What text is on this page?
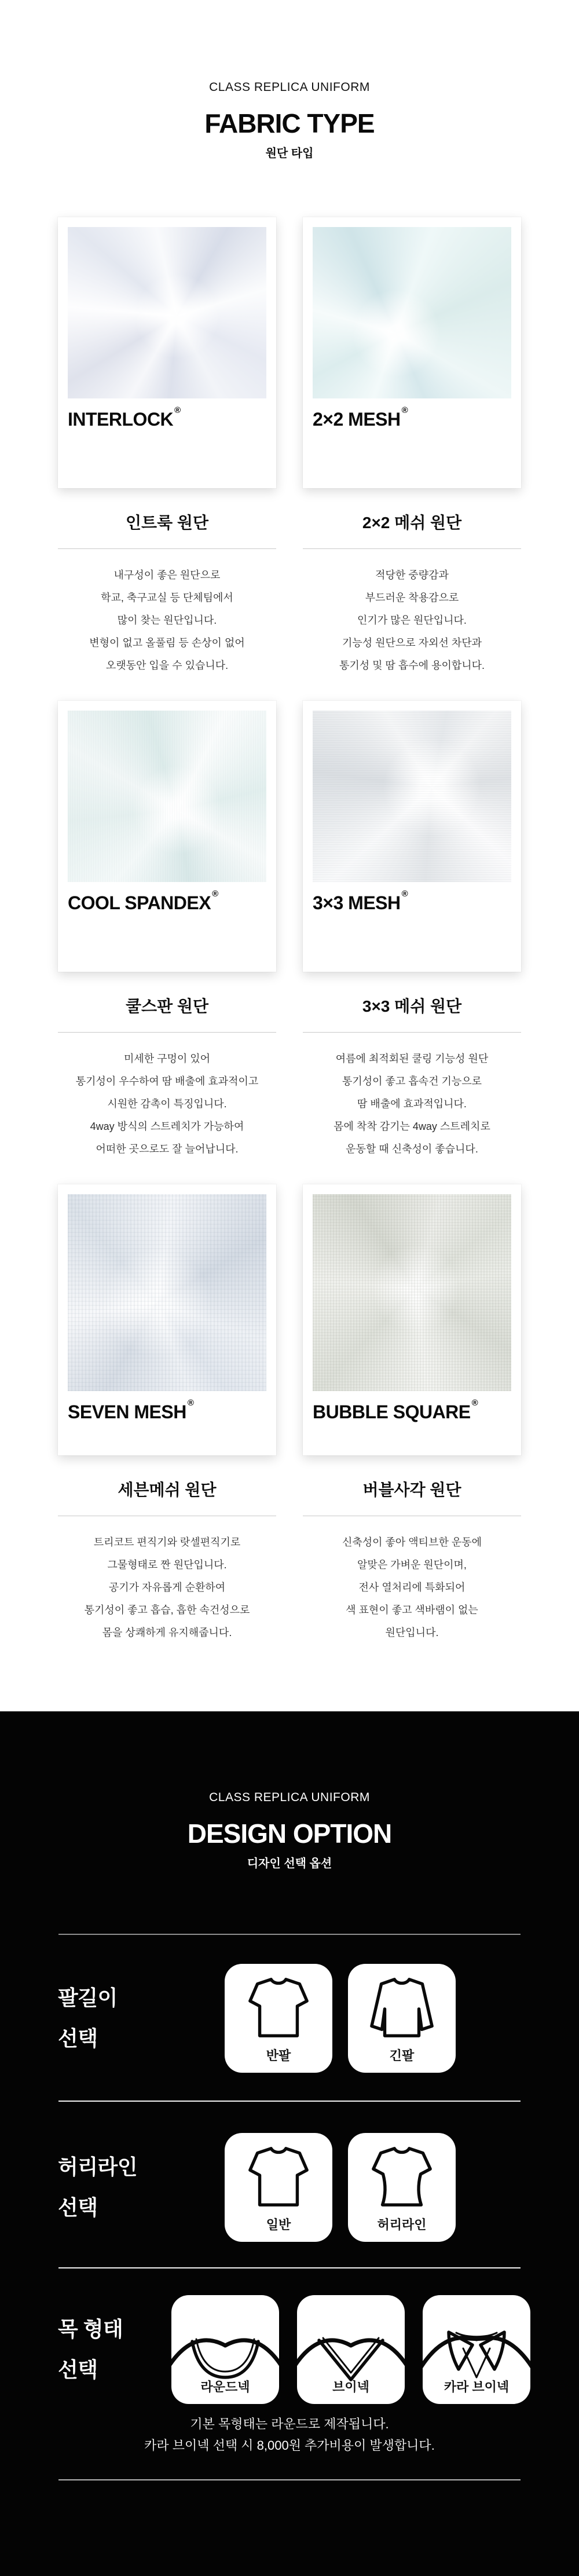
CLASS REPLICA UNIFORM
FABRIC TYPE
원단 타입
INTERLOCK ®
인트룩 원단

내구성이 좋은 원단으로
학교, 축구교실 등 단체팀에서
많이 찾는 원단입니다.
변형이 없고 올풀림 등 손상이 없어
오랫동안 입을 수 있습니다.

2×2 MESH ®
2×2 메쉬 원단

적당한 중량감과
부드러운 착용감으로
인기가 많은 원단입니다.
기능성 원단으로 자외선 차단과
통기성 및 땀 흡수에 용이합니다.

COOL SPANDEX ®
쿨스판 원단

미세한 구멍이 있어
통기성이 우수하여 땀 배출에 효과적이고
시원한 감촉이 특징입니다.
4way 방식의 스트레치가 가능하여
어떠한 곳으로도 잘 늘어납니다.

3×3 MESH ®
3×3 메쉬 원단

여름에 최적회된 쿨링 기능성 원단
통기성이 좋고 흡속건 기능으로
땀 배출에 효과적입니다.
몸에 착착 감기는 4way 스트레치로
운동할 때 신축성이 좋습니다.

SEVEN MESH ®
세븐메쉬 원단

트리코트 편직기와 랏셀편직기로
그물형태로 짠 원단입니다.
공기가 자유롭게 순환하여
통기성이 좋고 흡습, 흡한 속건성으로
몸을 상쾌하게 유지해줍니다.

BUBBLE SQUARE ®
버블사각 원단

신축성이 좋아 액티브한 운동에
알맞은 가벼운 원단이며,
전사 열처리에 특화되어
색 표현이 좋고 색바램이 없는
원단입니다.

CLASS REPLICA UNIFORM
DESIGN OPTION
디자인 선택 옵션
팔길이
선택
반팔	긴팔
허리라인
선택
일반	허리라인
목 형태
선택
라운드넥	브이넥	카라 브이넥

기본 목형태는 라운드로 제작됩니다.
카라 브이넥 선택 시 8,000원 추가비용이 발생합니다.
